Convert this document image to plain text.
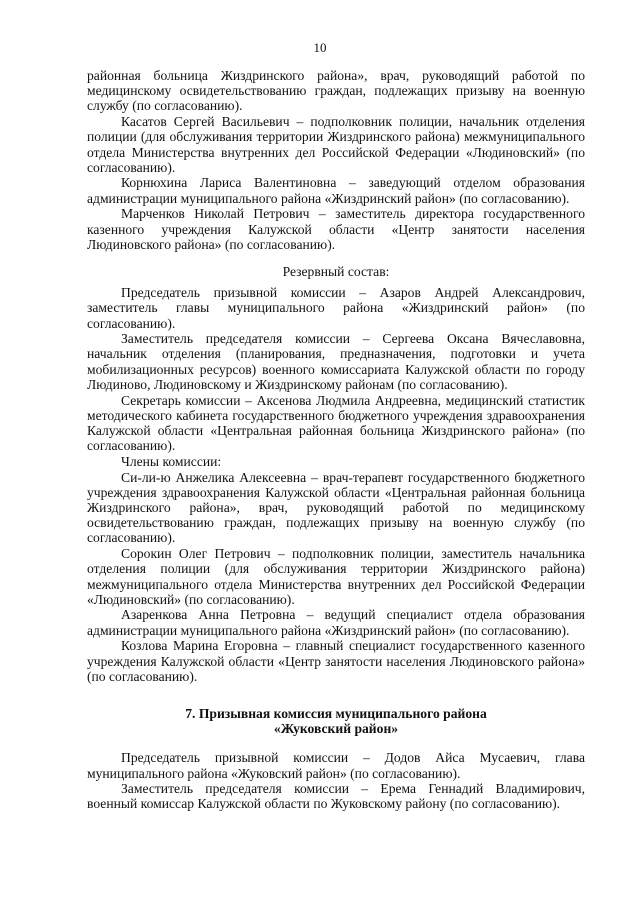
10

районная больница Жиздринского района», врач, руководящий работой по медицинскому освидетельствованию граждан, подлежащих призыву на военную службу (по согласованию).

Касатов Сергей Васильевич – подполковник полиции, начальник отделения полиции (для обслуживания территории Жиздринского района) межмуниципального отдела Министерства внутренних дел Российской Федерации «Людиновский» (по согласованию).

Корнюхина Лариса Валентиновна – заведующий отделом образования администрации муниципального района «Жиздринский район» (по согласованию).

Марченков Николай Петрович – заместитель директора государственного казенного учреждения Калужской области «Центр занятости населения Людиновского района» (по согласованию).

Резервный состав:

Председатель призывной комиссии – Азаров Андрей Александрович, заместитель главы муниципального района «Жиздринский район» (по согласованию).

Заместитель председателя комиссии – Сергеева Оксана Вячеславовна, начальник отделения (планирования, предназначения, подготовки и учета мобилизационных ресурсов) военного комиссариата Калужской области по городу Людиново, Людиновскому и Жиздринскому районам (по согласованию).

Секретарь комиссии – Аксенова Людмила Андреевна, медицинский статистик методического кабинета государственного бюджетного учреждения здравоохранения Калужской области «Центральная районная больница Жиздринского района» (по согласованию).

Члены комиссии:

Си-ли-ю Анжелика Алексеевна – врач-терапевт государственного бюджетного учреждения здравоохранения Калужской области «Центральная районная больница Жиздринского района», врач, руководящий работой по медицинскому освидетельствованию граждан, подлежащих призыву на военную службу (по согласованию).

Сорокин Олег Петрович – подполковник полиции, заместитель начальника отделения полиции (для обслуживания территории Жиздринского района) межмуниципального отдела Министерства внутренних дел Российской Федерации «Людиновский» (по согласованию).

Азаренкова Анна Петровна – ведущий специалист отдела образования администрации муниципального района «Жиздринский район» (по согласованию).

Козлова Марина Егоровна – главный специалист государственного казенного учреждения Калужской области «Центр занятости населения Людиновского района» (по согласованию).

7. Призывная комиссия муниципального района

«Жуковский район»

Председатель призывной комиссии – Додов Айса Мусаевич, глава муниципального района «Жуковский район» (по согласованию).

Заместитель председателя комиссии – Ерема Геннадий Владимирович, военный комиссар Калужской области по Жуковскому району (по согласованию).
